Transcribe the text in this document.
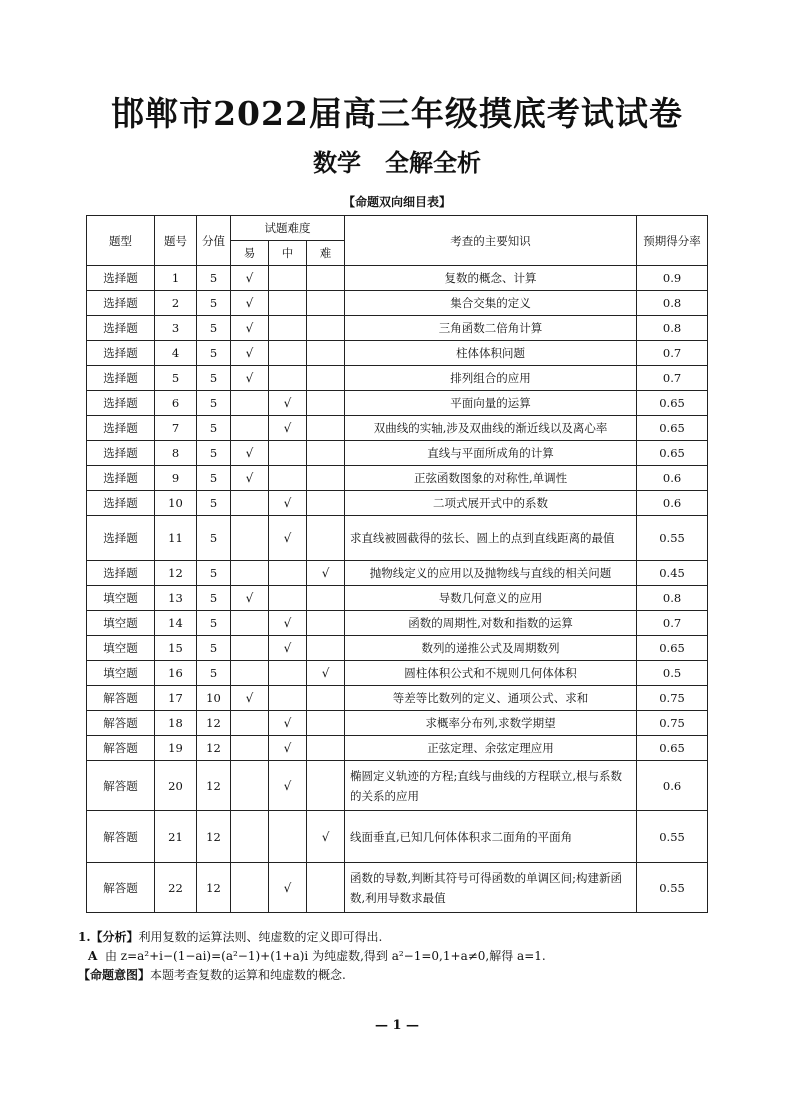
邯郸市2022届高三年级摸底考试试卷
数学　全解全析
【命题双向细目表】
题型	题号	分值	试题难度			考查的主要知识	预期得分率
			易	中	难		
选择题	1	5	√			复数的概念、计算	0.9
选择题	2	5	√			集合交集的定义	0.8
选择题	3	5	√			三角函数二倍角计算	0.8
选择题	4	5	√			柱体体积问题	0.7
选择题	5	5	√			排列组合的应用	0.7
选择题	6	5		√		平面向量的运算	0.65
选择题	7	5		√		双曲线的实轴,涉及双曲线的渐近线以及离心率	0.65
选择题	8	5	√			直线与平面所成角的计算	0.65
选择题	9	5	√			正弦函数图象的对称性,单调性	0.6
选择题	10	5		√		二项式展开式中的系数	0.6
选择题	11	5		√		求直线被圆截得的弦长、圆上的点到直线距离的最值	0.55
选择题	12	5			√	抛物线定义的应用以及抛物线与直线的相关问题	0.45
填空题	13	5	√			导数几何意义的应用	0.8
填空题	14	5		√		函数的周期性,对数和指数的运算	0.7
填空题	15	5		√		数列的递推公式及周期数列	0.65
填空题	16	5			√	圆柱体积公式和不规则几何体体积	0.5
解答题	17	10	√			等差等比数列的定义、通项公式、求和	0.75
解答题	18	12		√		求概率分布列,求数学期望	0.75
解答题	19	12		√		正弦定理、余弦定理应用	0.65
解答题	20	12		√		椭圆定义轨迹的方程;直线与曲线的方程联立,根与系数的关系的应用	0.6
解答题	21	12			√	线面垂直,已知几何体体积求二面角的平面角	0.55
解答题	22	12		√		函数的导数,判断其符号可得函数的单调区间;构建新函数,利用导数求最值	0.55
1.【分析】利用复数的运算法则、纯虚数的定义即可得出.
A 由 z=a²+i−(1−ai)=(a²−1)+(1+a)i 为纯虚数,得到 a²−1=0,1+a≠0,解得 a=1.
【命题意图】本题考查复数的运算和纯虚数的概念.
— 1 —
